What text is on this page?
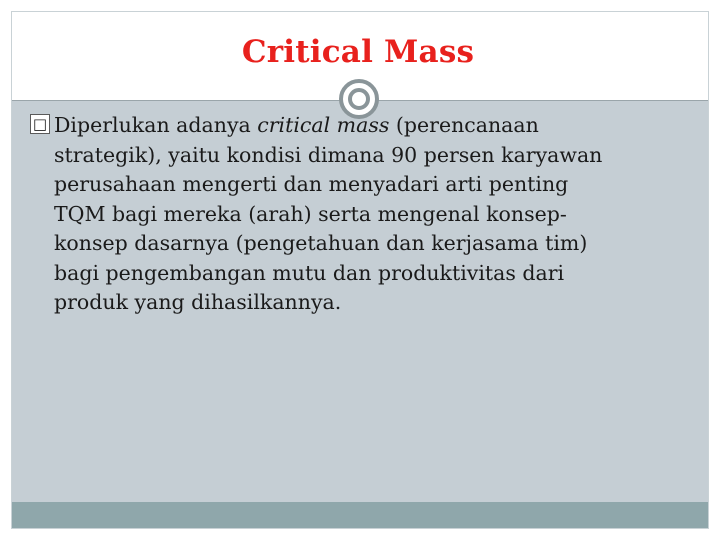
Critical Mass
□ Diperlukan adanya critical mass (perencanaan
strategik), yaitu kondisi dimana 90 persen karyawan
perusahaan mengerti dan menyadari arti penting
TQM bagi mereka (arah) serta mengenal konsep-
konsep dasarnya (pengetahuan dan kerjasama tim)
bagi pengembangan mutu dan produktivitas dari
produk yang dihasilkannya.
